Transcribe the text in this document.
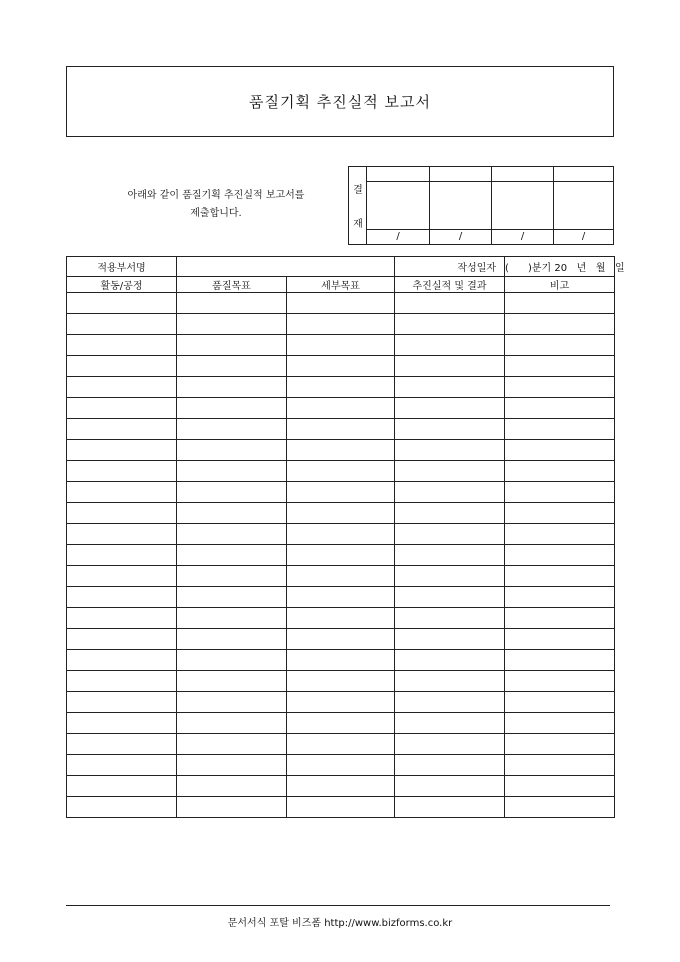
품질기획 추진실적 보고서
아래와 같이 품질기획 추진실적 보고서를
제출합니다.
결
재
/	/	/	/
적용부서명			작성일자	(      )분기 20   년   월   일
활동/공정	품질목표	세부목표	추진실적 및 결과	비고

문서서식 포탈 비즈폼 http://www.bizforms.co.kr
